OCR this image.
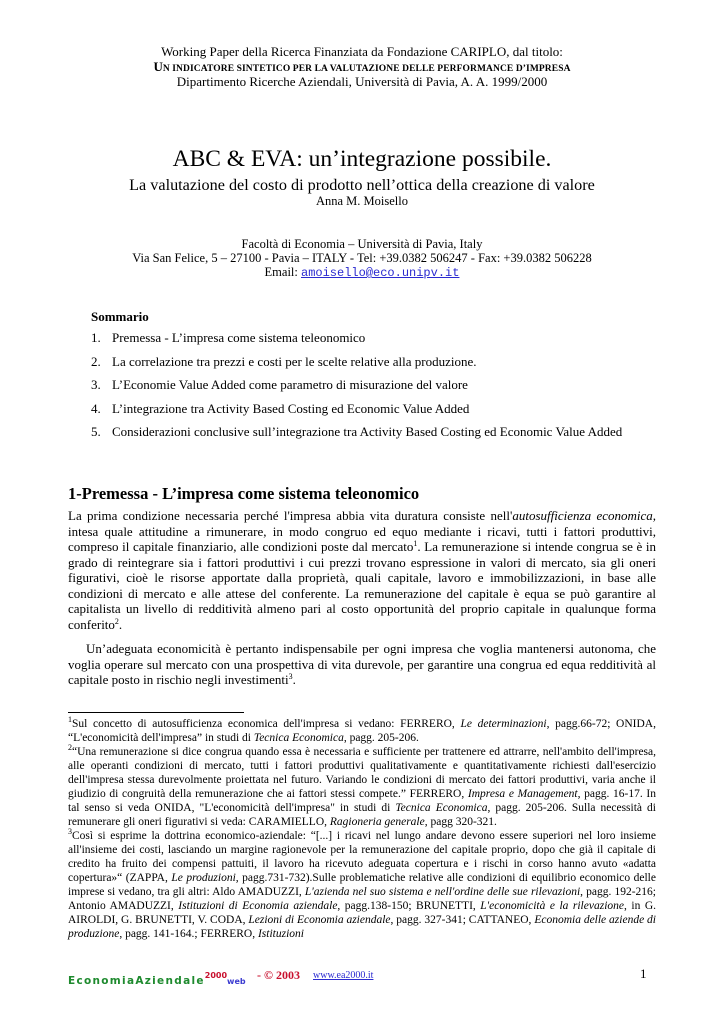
Working Paper della Ricerca Finanziata da Fondazione CARIPLO, dal titolo:
UN INDICATORE SINTETICO PER LA VALUTAZIONE DELLE PERFORMANCE D’IMPRESA
Dipartimento Ricerche Aziendali, Università di Pavia, A. A. 1999/2000
ABC & EVA: un’integrazione possibile.
La valutazione del costo di prodotto nell’ottica della creazione di valore
Anna M. Moisello
Facoltà di Economia – Università di Pavia, Italy
Via San Felice, 5 – 27100 - Pavia – ITALY - Tel: +39.0382 506247 - Fax: +39.0382 506228
Email: amoisello@eco.unipv.it
Sommario
1. Premessa - L’impresa come sistema teleonomico
2. La correlazione tra prezzi e costi per le scelte relative alla produzione.
3. L’Economie Value Added come parametro di misurazione del valore
4. L’integrazione tra Activity Based Costing ed Economic Value Added
5. Considerazioni conclusive sull’integrazione tra Activity Based Costing ed Economic Value Added
1-Premessa - L’impresa come sistema teleonomico
La prima condizione necessaria perché l'impresa abbia vita duratura consiste nell'autosufficienza economica, intesa quale attitudine a rimunerare, in modo congruo ed equo mediante i ricavi, tutti i fattori produttivi, compreso il capitale finanziario, alle condizioni poste dal mercato$^1$. La remunerazione si intende congrua se è in grado di reintegrare sia i fattori produttivi i cui prezzi trovano espressione in valori di mercato, sia gli oneri figurativi, cioè le risorse apportate dalla proprietà, quali capitale, lavoro e immobilizzazioni, in base alle condizioni di mercato e alle attese del conferente. La remunerazione del capitale è equa se può garantire al capitalista un livello di redditività almeno pari al costo opportunità del proprio capitale in qualunque forma conferito$^2$.
Un’adeguata economicità è pertanto indispensabile per ogni impresa che voglia mantenersi autonoma, che voglia operare sul mercato con una prospettiva di vita durevole, per garantire una congrua ed equa redditività al capitale posto in rischio negli investimenti$^3$.

$^1$Sul concetto di autosufficienza economica dell'impresa si vedano: FERRERO, Le determinazioni, pagg.66-72; ONIDA, “L'economicità dell'impresa” in studi di Tecnica Economica, pagg. 205-206.

$^2$“Una remunerazione si dice congrua quando essa è necessaria e sufficiente per trattenere ed attrarre, nell'ambito dell'impresa, alle operanti condizioni di mercato, tutti i fattori produttivi qualitativamente e quantitativamente richiesti dall'esercizio dell'impresa stessa durevolmente proiettata nel futuro. Variando le condizioni di mercato dei fattori produttivi, varia anche il giudizio di congruità della remunerazione che ai fattori stessi compete.” FERRERO, Impresa e Management, pagg. 16-17. In tal senso si veda ONIDA, "L'economicità dell'impresa" in studi di Tecnica Economica, pagg. 205-206. Sulla necessità di remunerare gli oneri figurativi si veda: CARAMIELLO, Ragioneria generale, pagg 320-321.

$^3$Così si esprime la dottrina economico-aziendale: “[...] i ricavi nel lungo andare devono essere superiori nel loro insieme all'insieme dei costi, lasciando un margine ragionevole per la remunerazione del capitale proprio, dopo che già il capitale di credito ha fruito dei compensi pattuiti, il lavoro ha ricevuto adeguata copertura e i rischi in corso hanno avuto «adatta copertura»“ (ZAPPA, Le produzioni, pagg.731-732).Sulle problematiche relative alle condizioni di equilibrio economico delle imprese si vedano, tra gli altri: Aldo AMADUZZI, L'azienda nel suo sistema e nell'ordine delle sue rilevazioni, pagg. 192-216; Antonio AMADUZZI, Istituzioni di Economia aziendale, pagg.138-150; BRUNETTI, L'economicità e la rilevazione, in G. AIROLDI, G. BRUNETTI, V. CODA, Lezioni di Economia aziendale, pagg. 327-341; CATTANEO, Economia delle aziende di produzione, pagg. 141-164.; FERRERO, Istituzioni

EconomiaAziendale$^{2000}$web - © 2003 www.ea2000.it	1
